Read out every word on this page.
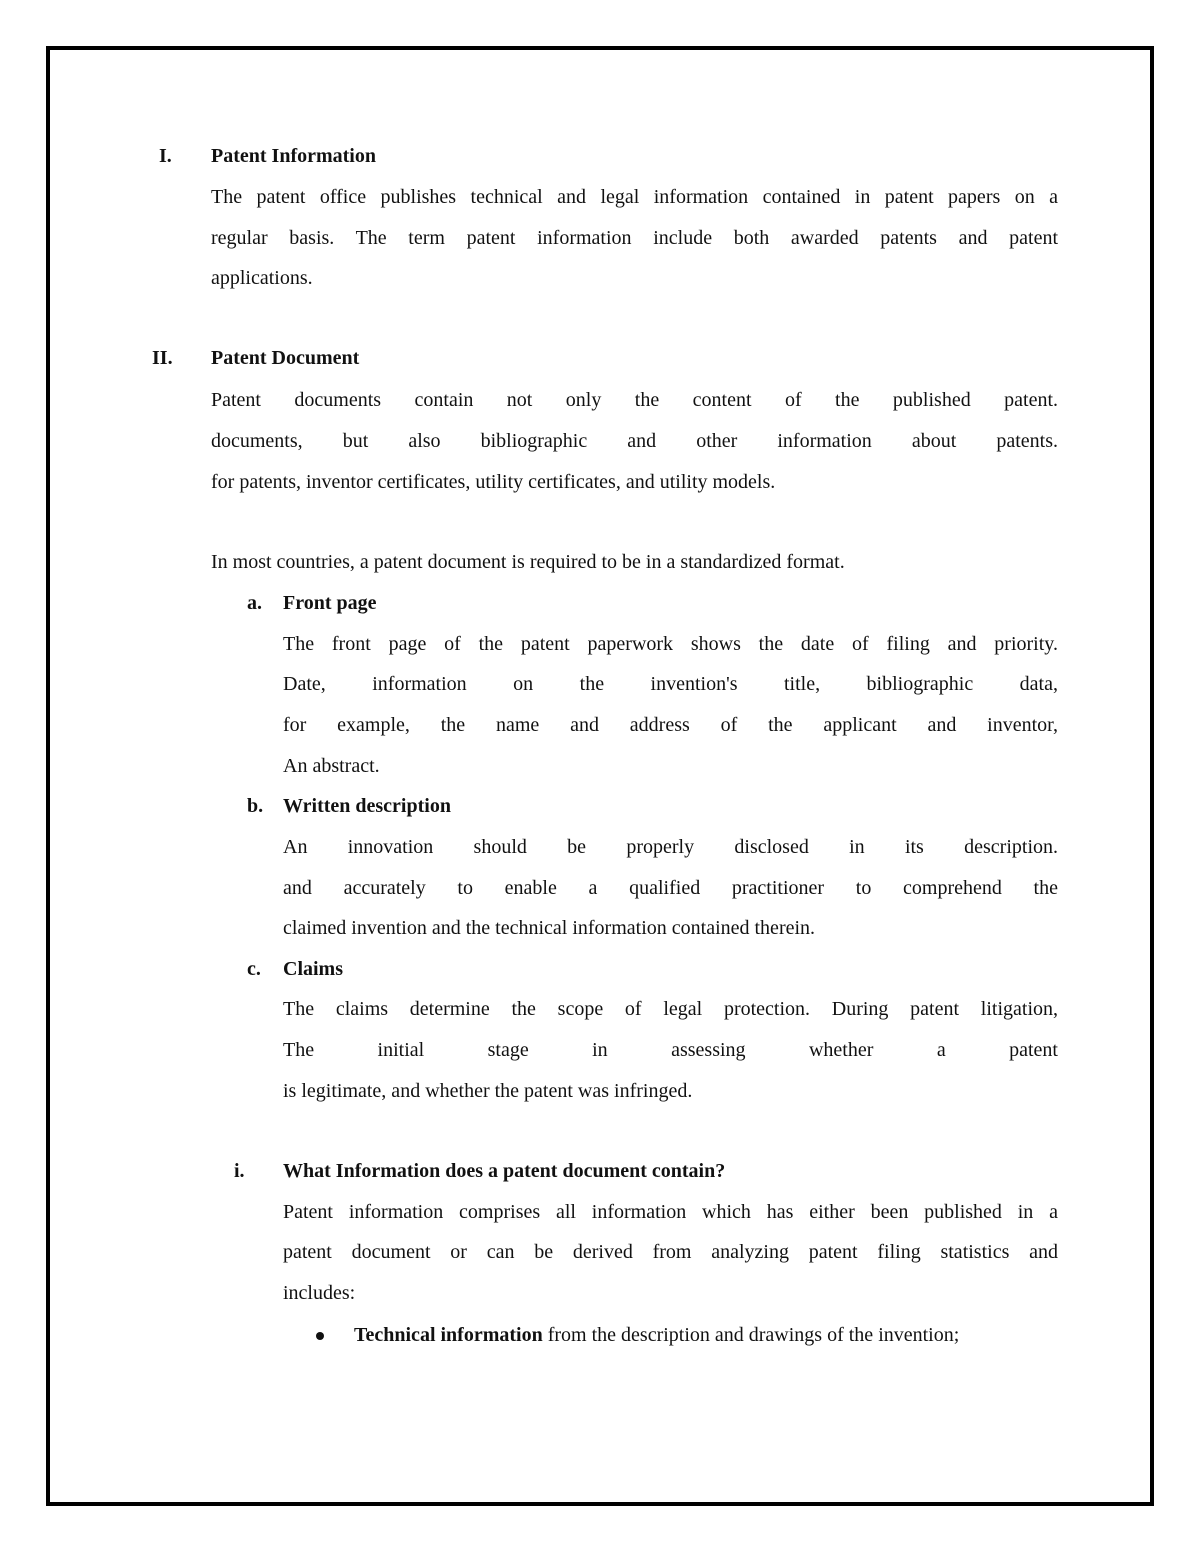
I. Patent Information
The patent office publishes technical and legal information contained in patent papers on a
regular basis. The term patent information include both awarded patents and patent
applications.
II. Patent Document
Patent documents contain not only the content of the published patent.
documents, but also bibliographic and other information about patents.
for patents, inventor certificates, utility certificates, and utility models.
In most countries, a patent document is required to be in a standardized format.
a. Front page
The front page of the patent paperwork shows the date of filing and priority.
Date, information on the invention's title, bibliographic data,
for example, the name and address of the applicant and inventor,
An abstract.
b. Written description
An innovation should be properly disclosed in its description.
and accurately to enable a qualified practitioner to comprehend the
claimed invention and the technical information contained therein.
c. Claims
The claims determine the scope of legal protection. During patent litigation,
The initial stage in assessing whether a patent
is legitimate, and whether the patent was infringed.
i. What Information does a patent document contain?
Patent information comprises all information which has either been published in a
patent document or can be derived from analyzing patent filing statistics and
includes:
Technical information from the description and drawings of the invention;
